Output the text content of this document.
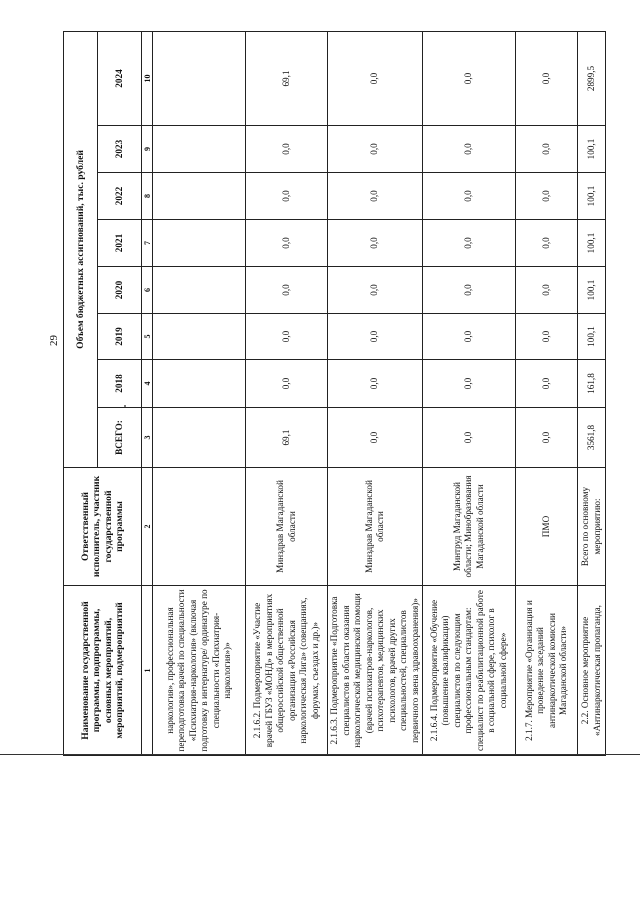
29
Наименование государственной программы, подпрограммы, основных мероприятий, мероприятий, подмероприятий	Ответственный исполнитель, участник государственной программы	Объем бюджетных ассигнований, тыс. рублей							
		ВСЕГО:	2018	2019	2020	2021	2022	2023	2024
1	2	3	4	5	6	7	8	9	10
наркология», профессиональная переподготовка врачей по специальности «Психиатрия-наркология» (включая подготовку в интернатуре/ ординатуре по специальности «Психиатрия-наркология»)»									
2.1.6.2. Подмероприятие «Участие врачей ГБУЗ «МОНД» в мероприятиях общероссийской общественной организации «Российская наркологическая Лига» (совещаниях, форумах, съездах и др.)»	Минздрав Магаданской области	69,1	0,0	0,0	0,0	0,0	0,0	0,0	69,1
2.1.6.3. Подмероприятие «Подготовка специалистов в области оказания наркологической медицинской помощи (врачей психиатров-наркологов, психотерапевтов, медицинских психологов, врачей других специальностей, специалистов первичного звена здравоохранения)»	Минздрав Магаданской области	0,0	0,0	0,0	0,0	0,0	0,0	0,0	0,0
2.1.6.4. Подмероприятие «Обучение (повышение квалификации) специалистов по следующим профессиональным стандартам: специалист по реабилитационной работе в социальной сфере, психолог в социальной сфере»	Минтруд Магаданской области; Минобразования Магаданской области	0,0	0,0	0,0	0,0	0,0	0,0	0,0	0,0
2.1.7. Мероприятие «Организация и проведение заседаний антинаркотической комиссии Магаданской области»	ПМО	0,0	0,0	0,0	0,0	0,0	0,0	0,0	0,0
2.2. Основное мероприятие «Антинаркотическая пропаганда,	Всего по основному мероприятию:	3561,8	161,8	100,1	100,1	100,1	100,1	100,1	2899,5
